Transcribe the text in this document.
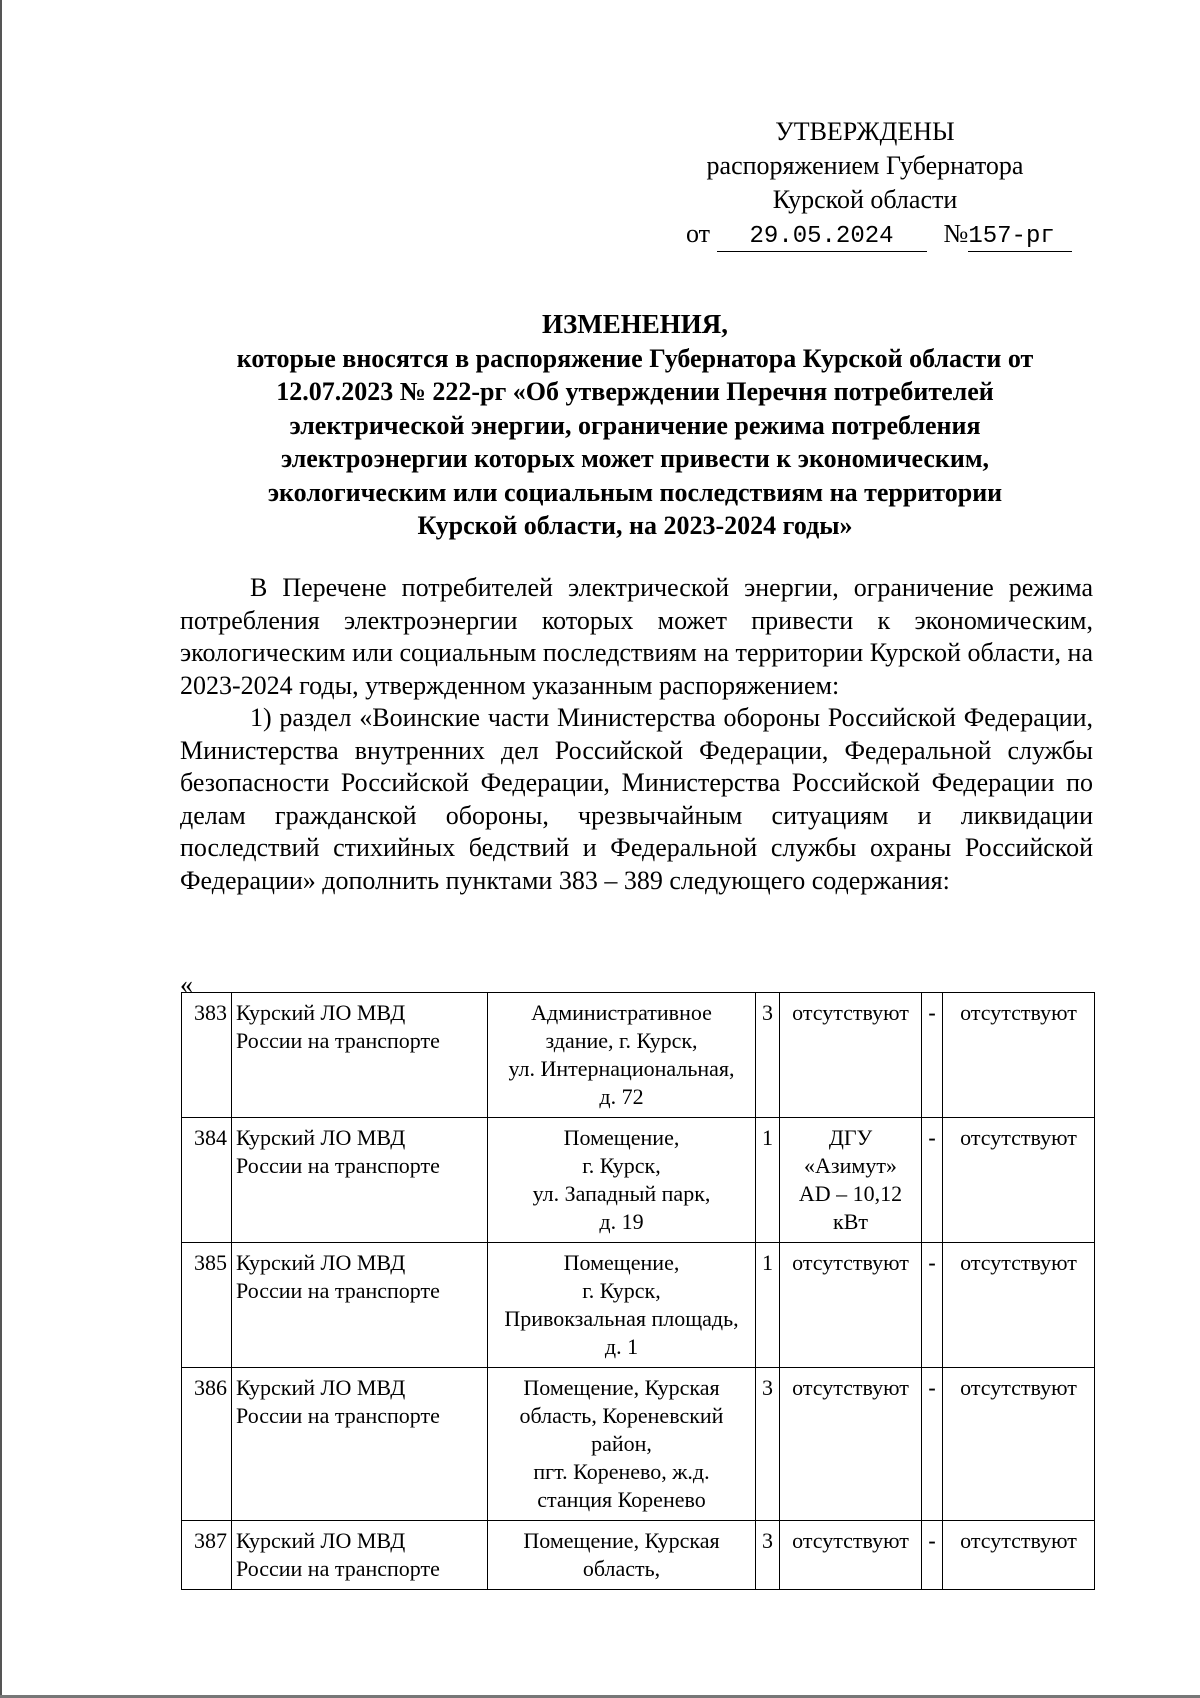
УТВЕРЖДЕНЫ
распоряжением Губернатора
Курской области
от 29.05.2024 №157-рг
ИЗМЕНЕНИЯ,
которые вносятся в распоряжение Губернатора Курской области от
12.07.2023 № 222-рг «Об утверждении Перечня потребителей
электрической энергии, ограничение режима потребления
электроэнергии которых может привести к экономическим,
экологическим или социальным последствиям на территории
Курской области, на 2023-2024 годы»

В Перечене потребителей электрической энергии, ограничение режима потребления электроэнергии которых может привести к экономическим, экологическим или социальным последствиям на территории Курской области, на 2023-2024 годы, утвержденном указанным распоряжением:

1) раздел «Воинские части Министерства обороны Российской Федерации, Министерства внутренних дел Российской Федерации, Федеральной службы безопасности Российской Федерации, Министерства Российской Федерации по делам гражданской обороны, чрезвычайным ситуациям и ликвидации последствий стихийных бедствий и Федеральной службы охраны Российской Федерации» дополнить пунктами 383 – 389 следующего содержания:

«
383	Курский ЛО МВД
России на транспорте	Административное
здание, г. Курск,
ул. Интернациональная,
д. 72	3	отсутствуют	-	отсутствуют
384	Курский ЛО МВД
России на транспорте	Помещение,
г. Курск,
ул. Западный парк,
д. 19	1	ДГУ
«Азимут»
AD – 10,12
кВт	-	отсутствуют
385	Курский ЛО МВД
России на транспорте	Помещение,
г. Курск,
Привокзальная площадь,
д. 1	1	отсутствуют	-	отсутствуют
386	Курский ЛО МВД
России на транспорте	Помещение, Курская
область, Кореневский
район,
пгт. Коренево, ж.д.
станция Коренево	3	отсутствуют	-	отсутствуют
387	Курский ЛО МВД
России на транспорте	Помещение, Курская
область,	3	отсутствуют	-	отсутствуют
